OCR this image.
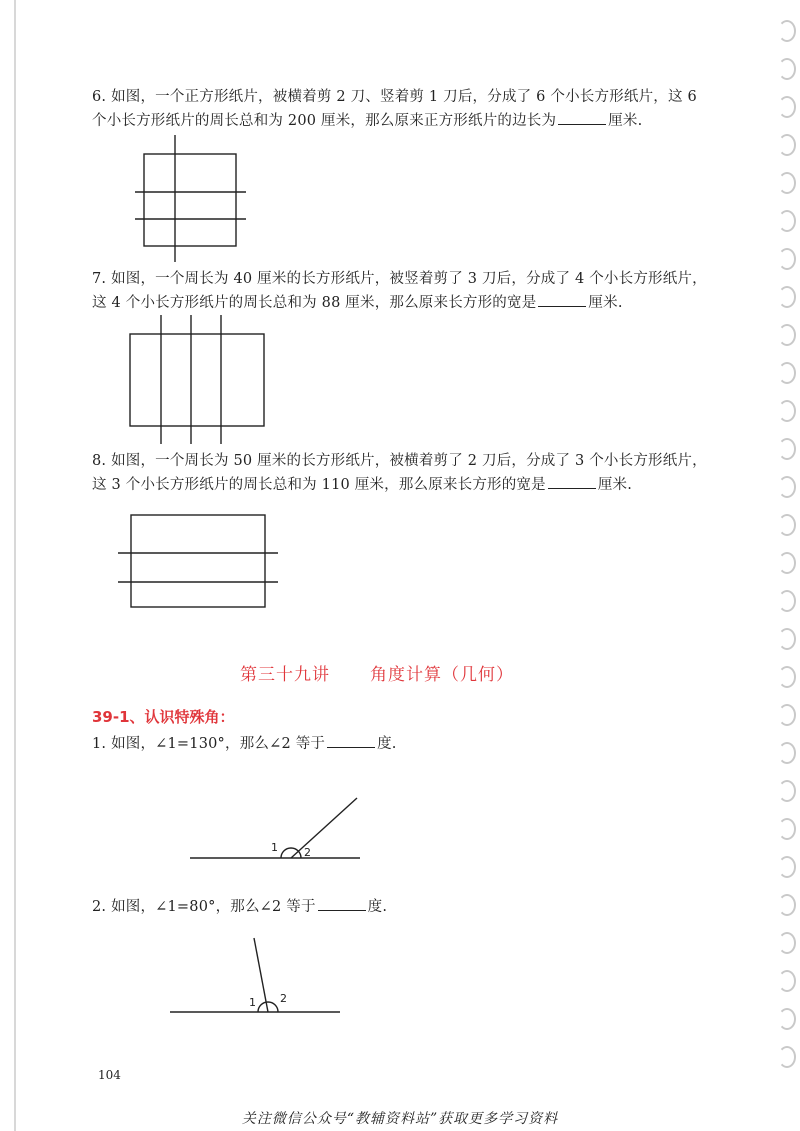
6. 如图，一个正方形纸片，被横着剪 2 刀、竖着剪 1 刀后，分成了 6 个小长方形纸片，这 6
个小长方形纸片的周长总和为 200 厘米，那么原来正方形纸片的边长为	厘米.
7. 如图，一个周长为 40 厘米的长方形纸片，被竖着剪了 3 刀后，分成了 4 个小长方形纸片，
这 4 个小长方形纸片的周长总和为 88 厘米，那么原来长方形的宽是	厘米.
8. 如图，一个周长为 50 厘米的长方形纸片，被横着剪了 2 刀后，分成了 3 个小长方形纸片，
这 3 个小长方形纸片的周长总和为 110 厘米，那么原来长方形的宽是	厘米.
第三十九讲 角度计算（几何）
39-1、认识特殊角：
1. 如图，∠1=130°，那么∠2 等于	度.
1 2
2. 如图，∠1=80°，那么∠2 等于	度.
1 2
104
关注微信公众号“教辅资料站”获取更多学习资料
